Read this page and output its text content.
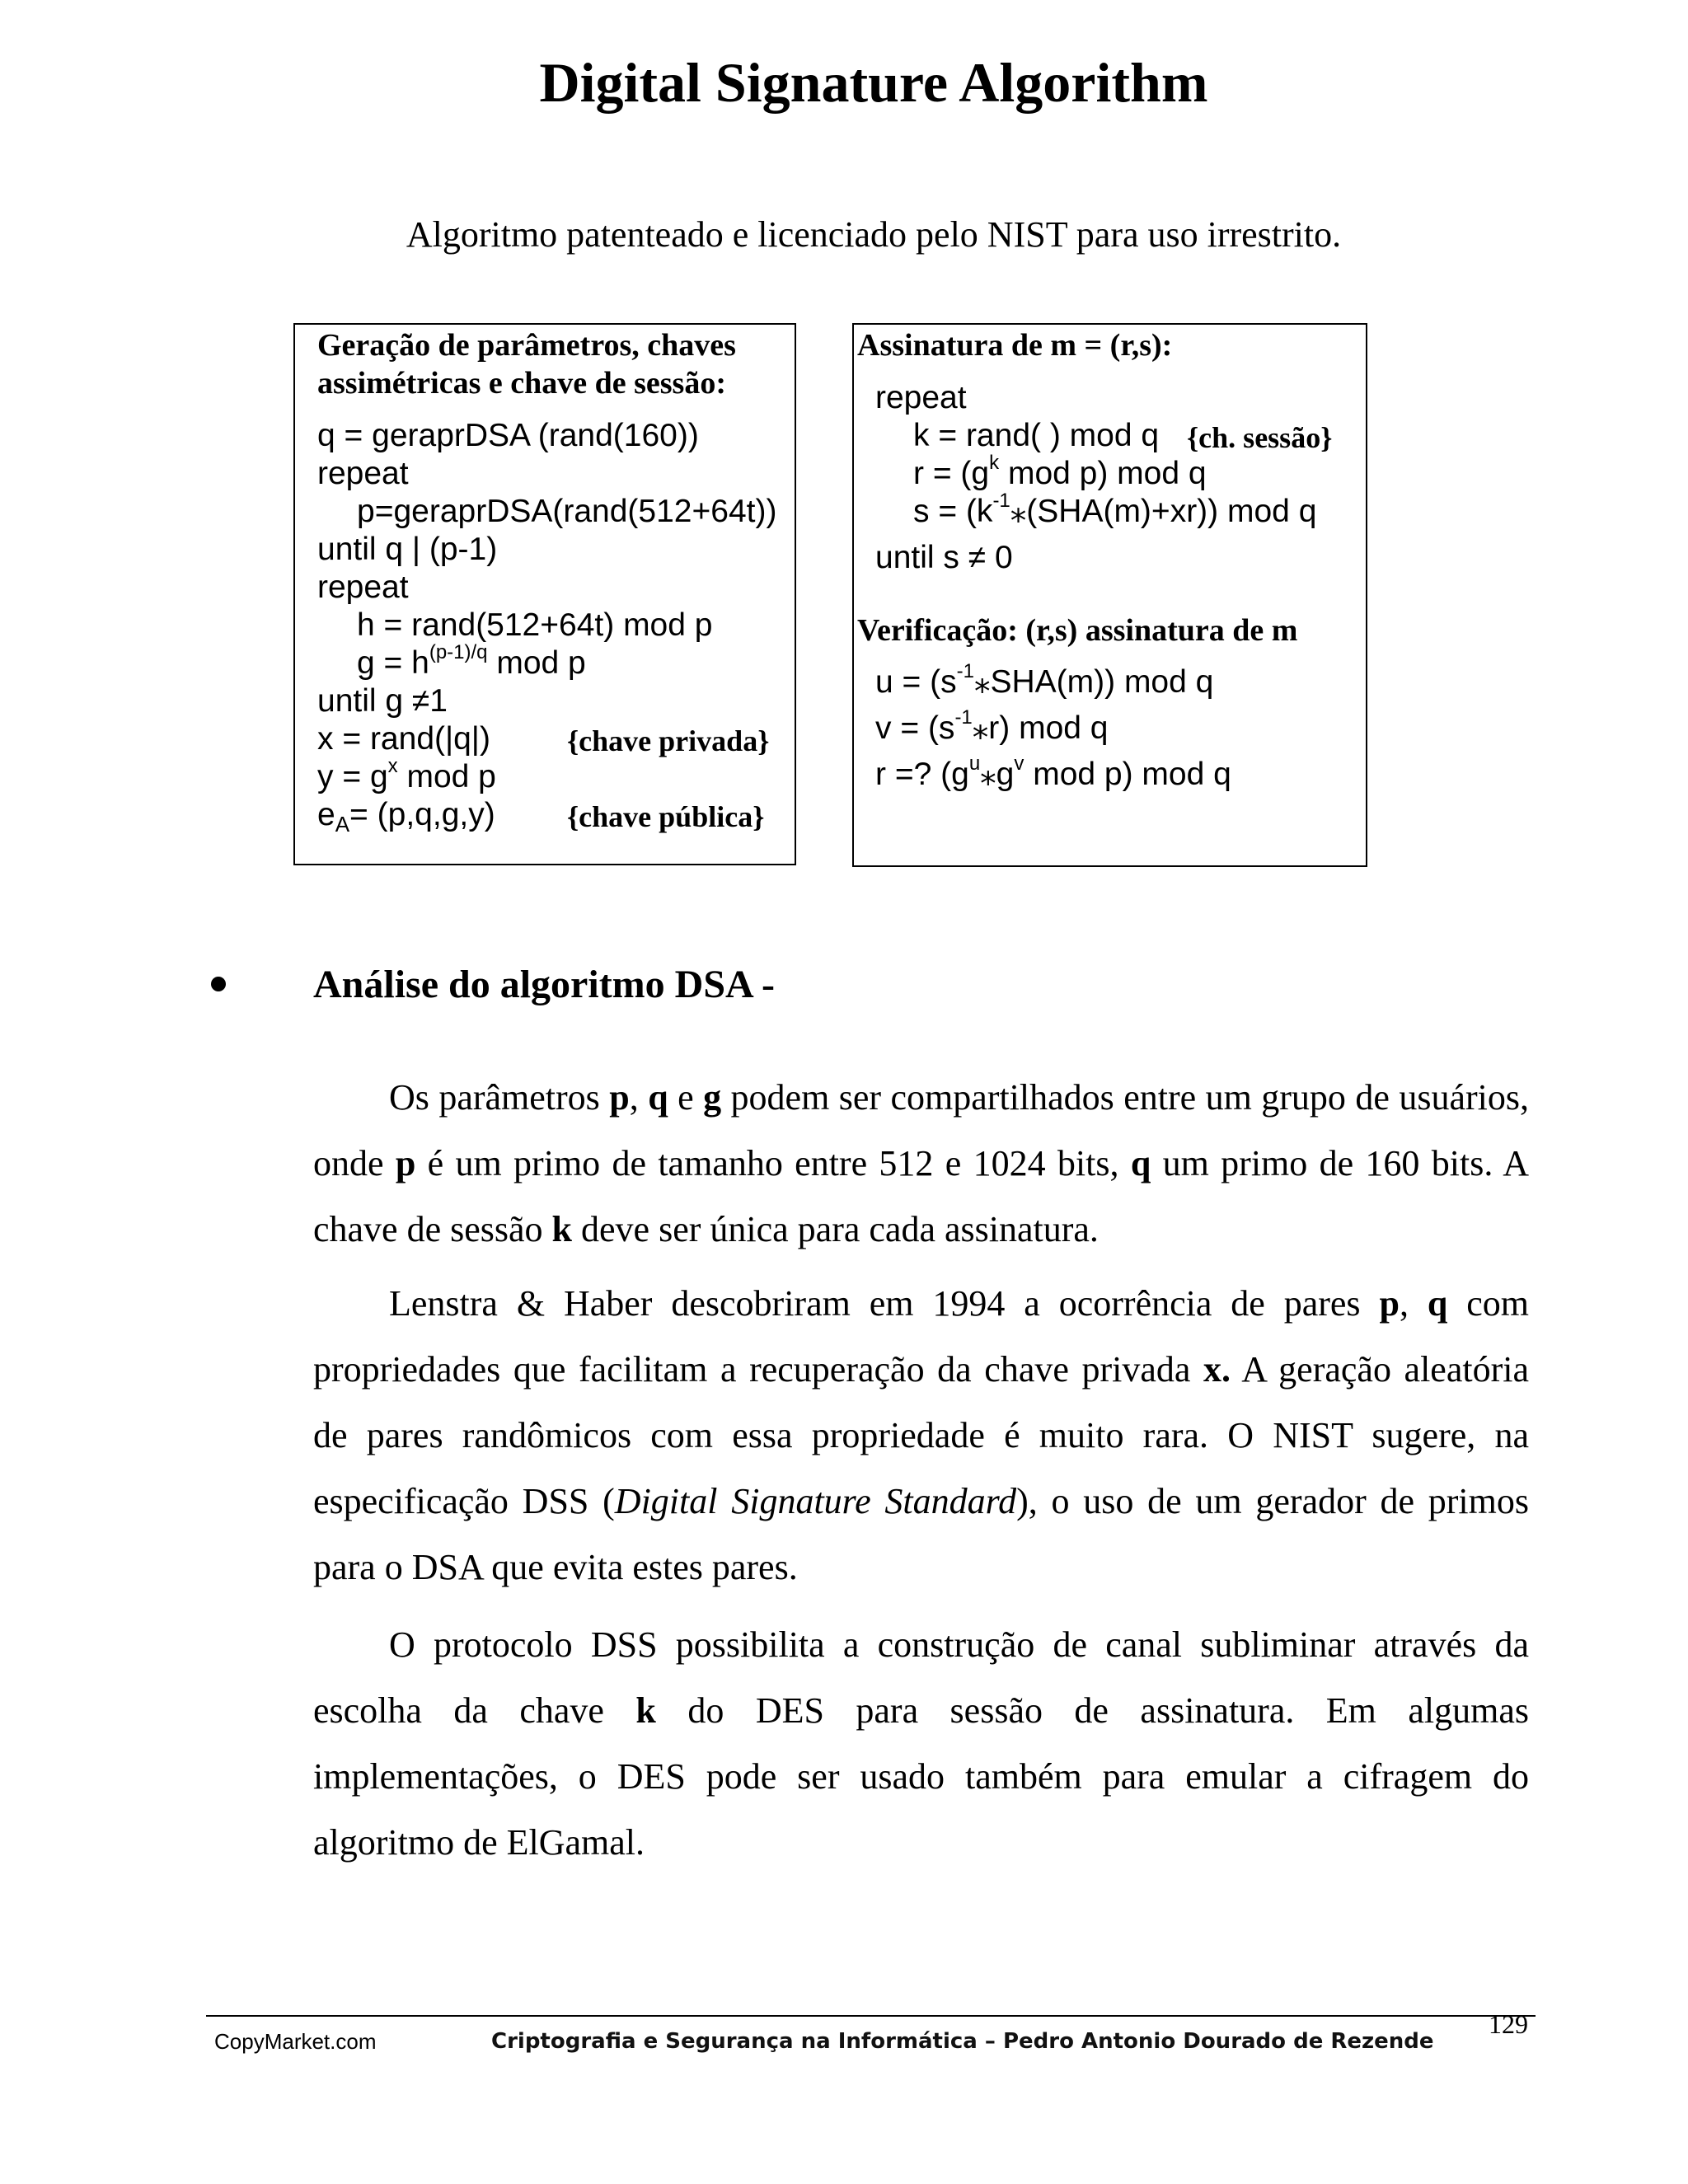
Digital Signature Algorithm
Algoritmo patenteado e licenciado pelo NIST para uso irrestrito.
Geração de parâmetros, chaves
assimétricas e chave de sessão:
q = geraprDSA (rand(160))
repeat
p=geraprDSA(rand(512+64t))
until q | (p-1)
repeat
h = rand(512+64t) mod p
$g = h^{(p-1)/q}$ mod p
until g ≠1
x = rand(|q|)	{chave privada}
$y = g^x$ mod p
$e_A= (p,q,g,y)$ {chave pública}
Assinatura de m = (r,s):
repeat
k = rand( ) mod q {ch. sessão}
$r = (g^k$ mod p) mod q
$s = (k^{-1}⁎(SHA(m)+xr))$ mod q
until s ≠ 0
Verificação: (r,s) assinatura de m
$u = (s^{-1}⁎SHA(m))$ mod q
$v = (s^{-1}⁎r)$ mod q
r =? ($g^u⁎g^v$ mod p) mod q
Análise do algoritmo DSA -
Os parâmetros p, q e g podem ser compartilhados entre um grupo de usuários, onde p é um primo de tamanho entre 512 e 1024 bits, q um primo de 160 bits. A chave de sessão k deve ser única para cada assinatura.
Lenstra & Haber descobriram em 1994 a ocorrência de pares p, q com propriedades que facilitam a recuperação da chave privada x. A geração aleatória de pares randômicos com essa propriedade é muito rara. O NIST sugere, na especificação DSS (Digital Signature Standard), o uso de um gerador de primos para o DSA que evita estes pares.
O protocolo DSS possibilita a construção de canal subliminar através da escolha da chave k do DES para sessão de assinatura. Em algumas implementações, o DES pode ser usado também para emular a cifragem do algoritmo de ElGamal.
129
CopyMarket.com	Criptografia e Segurança na Informática – Pedro Antonio Dourado de Rezende
